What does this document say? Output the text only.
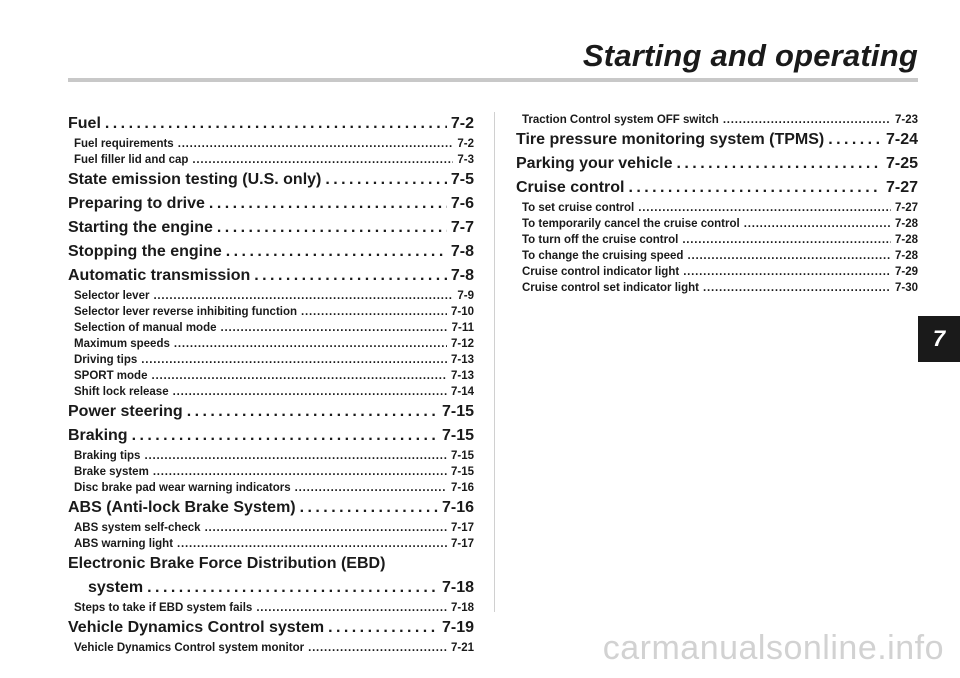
Starting and operating
Fuel . . .	7-2
Fuel requirements . . .	7-2
Fuel filler lid and cap . . .	7-3
State emission testing (U.S. only) . . .	7-5
Preparing to drive . . .	7-6
Starting the engine . . .	7-7
Stopping the engine . . .	7-8
Automatic transmission . . .	7-8
Selector lever . . .	7-9
Selector lever reverse inhibiting function . . .	7-10
Selection of manual mode . . .	7-11
Maximum speeds . . .	7-12
Driving tips . . .	7-13
SPORT mode . . .	7-13
Shift lock release . . .	7-14
Power steering . . .	7-15
Braking . . .	7-15
Braking tips . . .	7-15
Brake system . . .	7-15
Disc brake pad wear warning indicators . . .	7-16
ABS (Anti-lock Brake System) . . .	7-16
ABS system self-check . . .	7-17
ABS warning light . . .	7-17
Electronic Brake Force Distribution (EBD)
system . . .	7-18
Steps to take if EBD system fails . . .	7-18
Vehicle Dynamics Control system . . .	7-19
Vehicle Dynamics Control system monitor . . .	7-21
Traction Control system OFF switch . . .	7-23
Tire pressure monitoring system (TPMS) . . .	7-24
Parking your vehicle . . .	7-25
Cruise control . . .	7-27
To set cruise control . . .	7-27
To temporarily cancel the cruise control . . .	7-28
To turn off the cruise control . . .	7-28
To change the cruising speed . . .	7-28
Cruise control indicator light . . .	7-29
Cruise control set indicator light . . .	7-30
7
carmanualsonline.info
